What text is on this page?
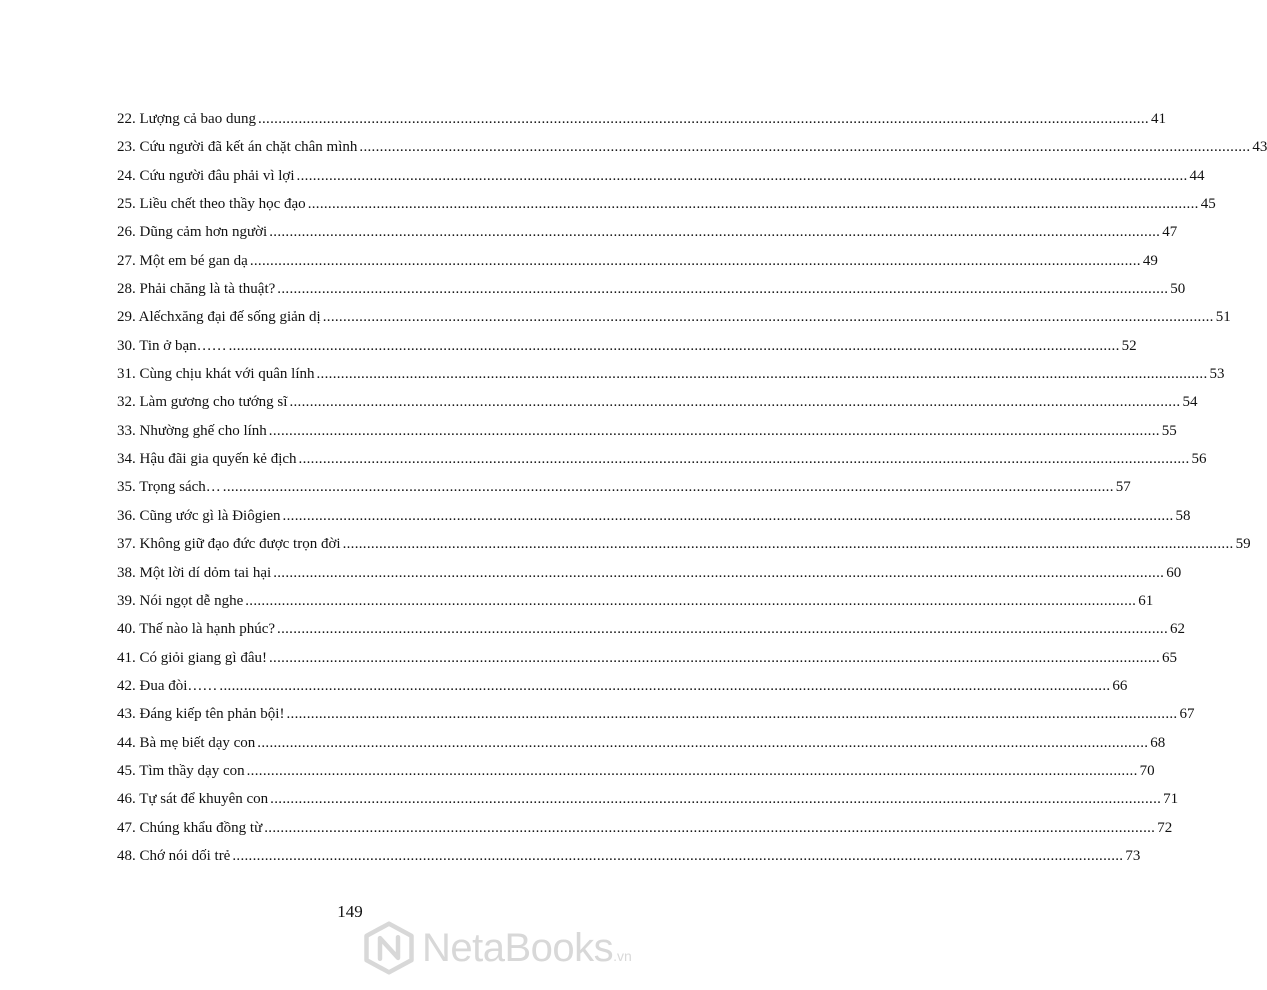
22. Lượng cả bao dung ............................................................................................................................................................................................................................ 41
23. Cứu người đã kết án chặt chân mình ............................................................................................................................................................................................................................ 43
24. Cứu người đâu phải vì lợi ............................................................................................................................................................................................................................ 44
25. Liều chết theo thầy học đạo ............................................................................................................................................................................................................................ 45
26. Dũng cảm hơn người ............................................................................................................................................................................................................................ 47
27. Một em bé gan dạ ............................................................................................................................................................................................................................ 49
28. Phải chăng là tà thuật? ............................................................................................................................................................................................................................ 50
29. Alếchxăng đại đế sống giản dị ............................................................................................................................................................................................................................ 51
30. Tin ở bạn…… ............................................................................................................................................................................................................................ 52
31. Cùng chịu khát với quân lính ............................................................................................................................................................................................................................ 53
32. Làm gương cho tướng sĩ ............................................................................................................................................................................................................................ 54
33. Nhường ghế cho lính ............................................................................................................................................................................................................................ 55
34. Hậu đãi gia quyến kẻ địch ............................................................................................................................................................................................................................ 56
35. Trọng sách… ............................................................................................................................................................................................................................ 57
36. Cũng ước gì là Điôgien ............................................................................................................................................................................................................................ 58
37. Không giữ đạo đức được trọn đời ............................................................................................................................................................................................................................ 59
38. Một lời dí dỏm tai hại ............................................................................................................................................................................................................................ 60
39. Nói ngọt dễ nghe ............................................................................................................................................................................................................................ 61
40. Thế nào là hạnh phúc? ............................................................................................................................................................................................................................ 62
41. Có giỏi giang gì đâu! ............................................................................................................................................................................................................................ 65
42. Đua đòi…… ............................................................................................................................................................................................................................ 66
43. Đáng kiếp tên phản bội! ............................................................................................................................................................................................................................ 67
44. Bà mẹ biết dạy con ............................................................................................................................................................................................................................ 68
45. Tìm thầy dạy con ............................................................................................................................................................................................................................ 70
46. Tự sát để khuyên con ............................................................................................................................................................................................................................ 71
47. Chúng khẩu đồng từ ............................................................................................................................................................................................................................ 72
48. Chớ nói dối trẻ ............................................................................................................................................................................................................................ 73
149
NetaBooks .vn
